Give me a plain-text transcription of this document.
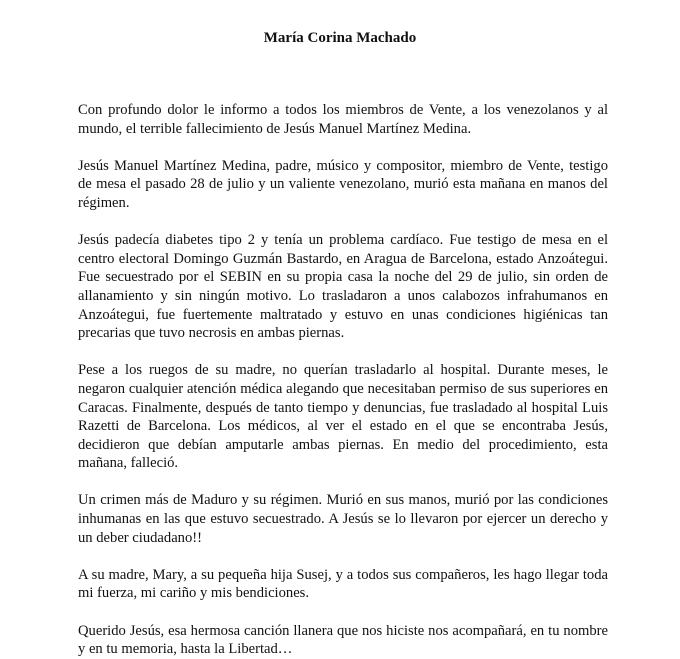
María Corina Machado

Con profundo dolor le informo a todos los miembros de Vente, a los venezolanos y al mundo, el terrible fallecimiento de Jesús Manuel Martínez Medina.

Jesús Manuel Martínez Medina, padre, músico y compositor, miembro de Vente, testigo de mesa el pasado 28 de julio y un valiente venezolano, murió esta mañana en manos del régimen.

Jesús padecía diabetes tipo 2 y tenía un problema cardíaco. Fue testigo de mesa en el centro electoral Domingo Guzmán Bastardo, en Aragua de Barcelona, estado Anzoátegui. Fue secuestrado por el SEBIN en su propia casa la noche del 29 de julio, sin orden de allanamiento y sin ningún motivo. Lo trasladaron a unos calabozos infrahumanos en Anzoátegui, fue fuertemente maltratado y estuvo en unas condiciones higiénicas tan precarias que tuvo necrosis en ambas piernas.

Pese a los ruegos de su madre, no querían trasladarlo al hospital. Durante meses, le negaron cualquier atención médica alegando que necesitaban permiso de sus superiores en Caracas. Finalmente, después de tanto tiempo y denuncias, fue trasladado al hospital Luis Razetti de Barcelona. Los médicos, al ver el estado en el que se encontraba Jesús, decidieron que debían amputarle ambas piernas. En medio del procedimiento, esta mañana, falleció.

Un crimen más de Maduro y su régimen. Murió en sus manos, murió por las condiciones inhumanas en las que estuvo secuestrado. A Jesús se lo llevaron por ejercer un derecho y un deber ciudadano!!

A su madre, Mary, a su pequeña hija Susej, y a todos sus compañeros, les hago llegar toda mi fuerza, mi cariño y mis bendiciones.

Querido Jesús, esa hermosa canción llanera que nos hiciste nos acompañará, en tu nombre y en tu memoria, hasta la Libertad…
